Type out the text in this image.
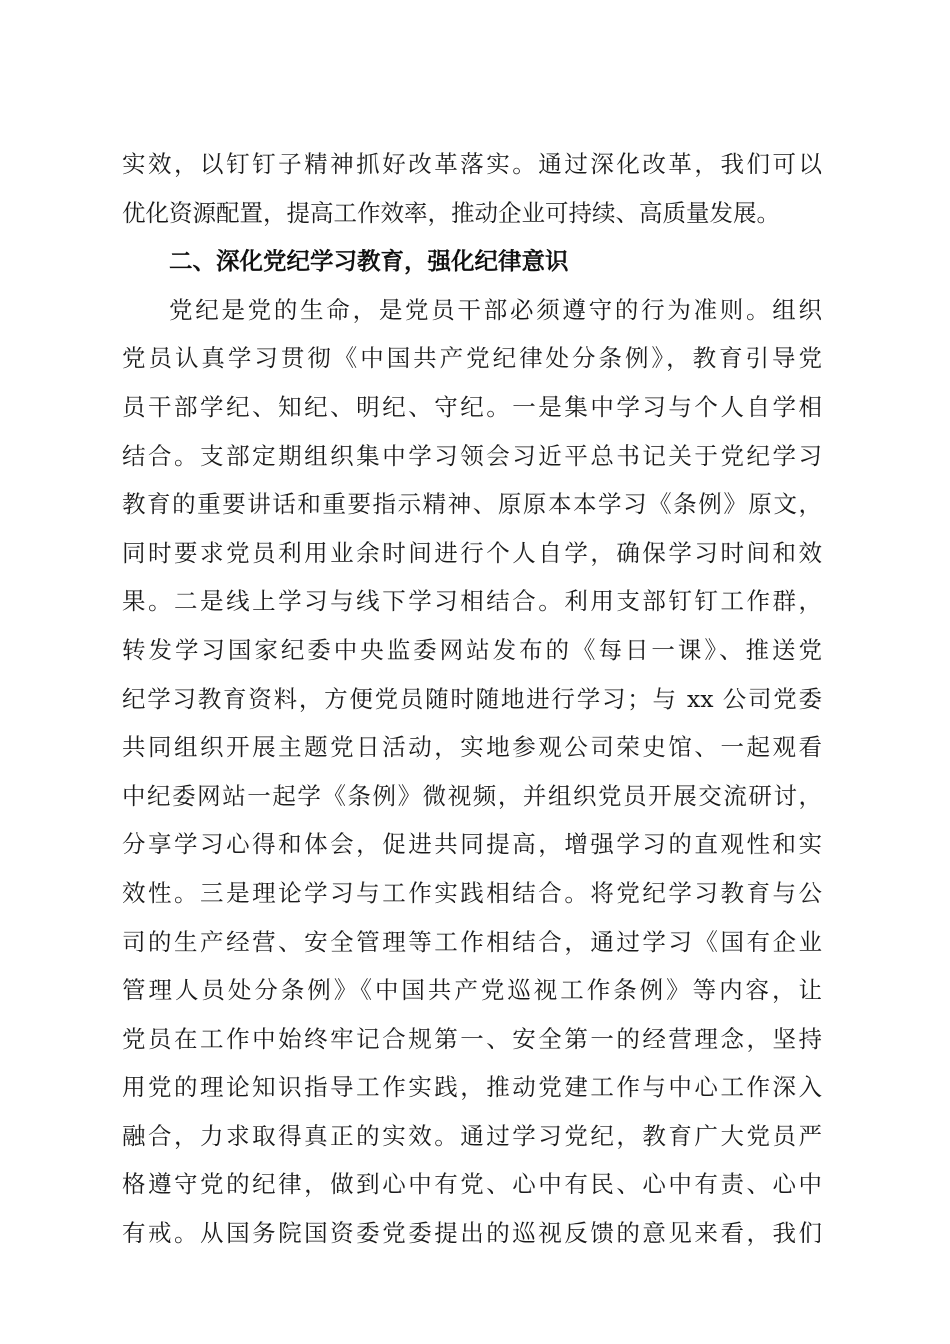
实效，以钉钉子精神抓好改革落实。通过深化改革，我们可以
优化资源配置，提高工作效率，推动企业可持续、高质量发展。
二、深化党纪学习教育，强化纪律意识
党纪是党的生命，是党员干部必须遵守的行为准则。组织
党员认真学习贯彻《中国共产党纪律处分条例》，教育引导党
员干部学纪、知纪、明纪、守纪。一是集中学习与个人自学相
结合。支部定期组织集中学习领会习近平总书记关于党纪学习
教育的重要讲话和重要指示精神、原原本本学习《条例》原文，
同时要求党员利用业余时间进行个人自学，确保学习时间和效
果。二是线上学习与线下学习相结合。利用支部钉钉工作群，
转发学习国家纪委中央监委网站发布的《每日一课》、推送党
纪学习教育资料，方便党员随时随地进行学习；与 xx 公司党委
共同组织开展主题党日活动，实地参观公司荣史馆、一起观看
中纪委网站一起学《条例》微视频，并组织党员开展交流研讨，
分享学习心得和体会，促进共同提高，增强学习的直观性和实
效性。三是理论学习与工作实践相结合。将党纪学习教育与公
司的生产经营、安全管理等工作相结合，通过学习《国有企业
管理人员处分条例》《中国共产党巡视工作条例》等内容，让
党员在工作中始终牢记合规第一、安全第一的经营理念，坚持
用党的理论知识指导工作实践，推动党建工作与中心工作深入
融合，力求取得真正的实效。通过学习党纪，教育广大党员严
格遵守党的纪律，做到心中有党、心中有民、心中有责、心中
有戒。从国务院国资委党委提出的巡视反馈的意见来看，我们
